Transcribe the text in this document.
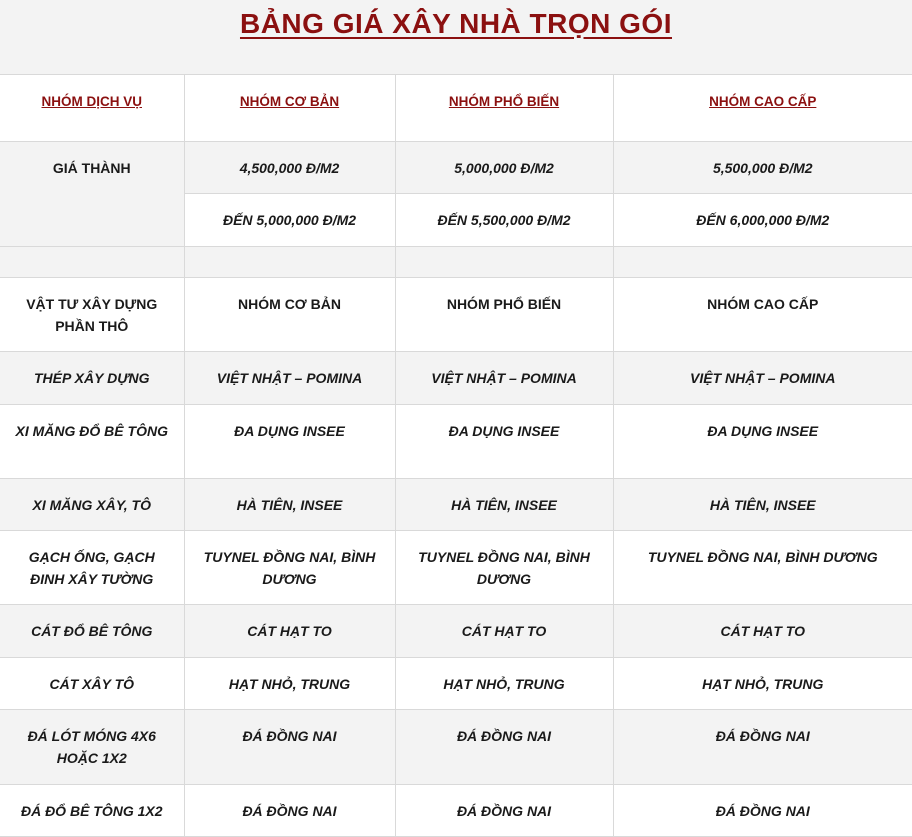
BẢNG GIÁ XÂY NHÀ TRỌN GÓI
NHÓM DỊCH VỤ	NHÓM CƠ BẢN	NHÓM PHỔ BIẾN	NHÓM CAO CẤP
GIÁ THÀNH	4,500,000 Đ/M2	5,000,000 Đ/M2	5,500,000 Đ/M2
	ĐẾN 5,000,000 Đ/M2	ĐẾN 5,500,000 Đ/M2	ĐẾN 6,000,000 Đ/M2

VẬT TƯ XÂY DỰNG PHẦN THÔ	NHÓM CƠ BẢN	NHÓM PHỔ BIẾN	NHÓM CAO CẤP
THÉP XÂY DỰNG	VIỆT NHẬT – POMINA	VIỆT NHẬT – POMINA	VIỆT NHẬT – POMINA
XI MĂNG ĐỔ BÊ TÔNG	ĐA DỤNG INSEE	ĐA DỤNG INSEE	ĐA DỤNG INSEE
XI MĂNG XÂY, TÔ	HÀ TIÊN, INSEE	HÀ TIÊN, INSEE	HÀ TIÊN, INSEE
GẠCH ỐNG, GẠCH ĐINH XÂY TƯỜNG	TUYNEL ĐỒNG NAI, BÌNH DƯƠNG	TUYNEL ĐỒNG NAI, BÌNH DƯƠNG	TUYNEL ĐỒNG NAI, BÌNH DƯƠNG
CÁT ĐỔ BÊ TÔNG	CÁT HẠT TO	CÁT HẠT TO	CÁT HẠT TO
CÁT XÂY TÔ	HẠT NHỎ, TRUNG	HẠT NHỎ, TRUNG	HẠT NHỎ, TRUNG
ĐÁ LÓT MÓNG 4X6 HOẶC 1X2	ĐÁ ĐỒNG NAI	ĐÁ ĐỒNG NAI	ĐÁ ĐỒNG NAI
ĐÁ ĐỔ BÊ TÔNG 1X2	ĐÁ ĐỒNG NAI	ĐÁ ĐỒNG NAI	ĐÁ ĐỒNG NAI
